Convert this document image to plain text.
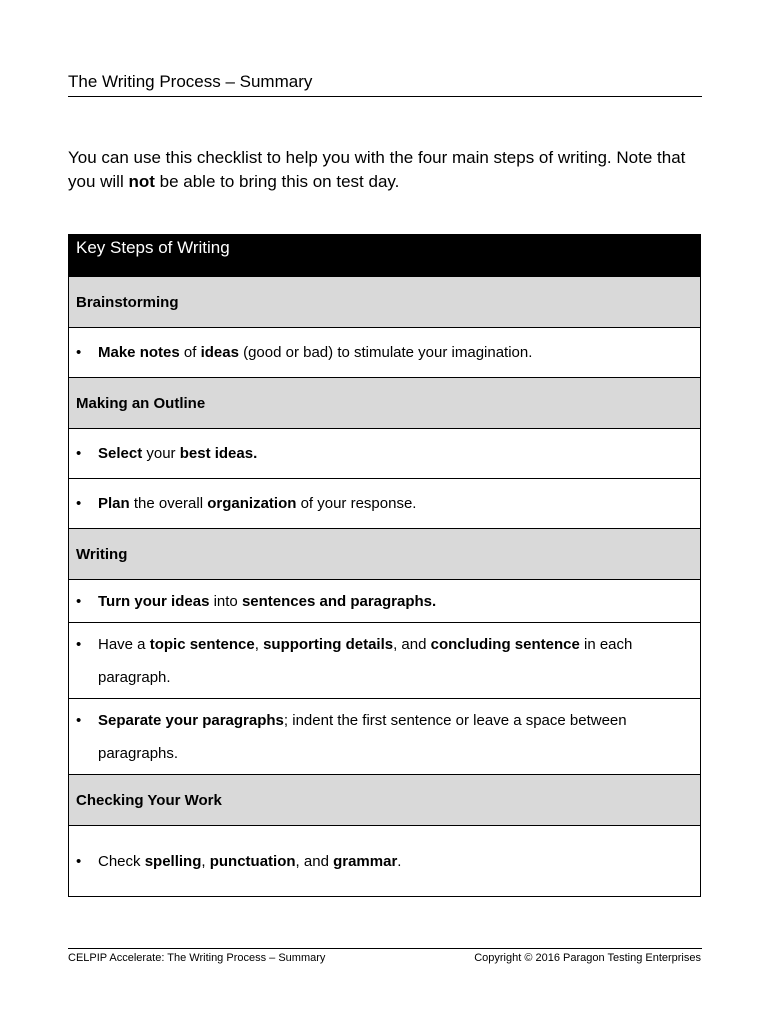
The Writing Process – Summary
You can use this checklist to help you with the four main steps of writing. Note that you will not be able to bring this on test day.
Key Steps of Writing
Brainstorming

•	Make notes of ideas (good or bad) to stimulate your imagination.

Making an Outline

•	Select your best ideas.

•	Plan the overall organization of your response.

Writing

•	Turn your ideas into sentences and paragraphs.

•	Have a topic sentence, supporting details, and concluding sentence in each paragraph.

•	Separate your paragraphs; indent the first sentence or leave a space between paragraphs.

Checking Your Work

•	Check spelling, punctuation, and grammar.
CELPIP Accelerate: The Writing Process – Summary	Copyright © 2016 Paragon Testing Enterprises
